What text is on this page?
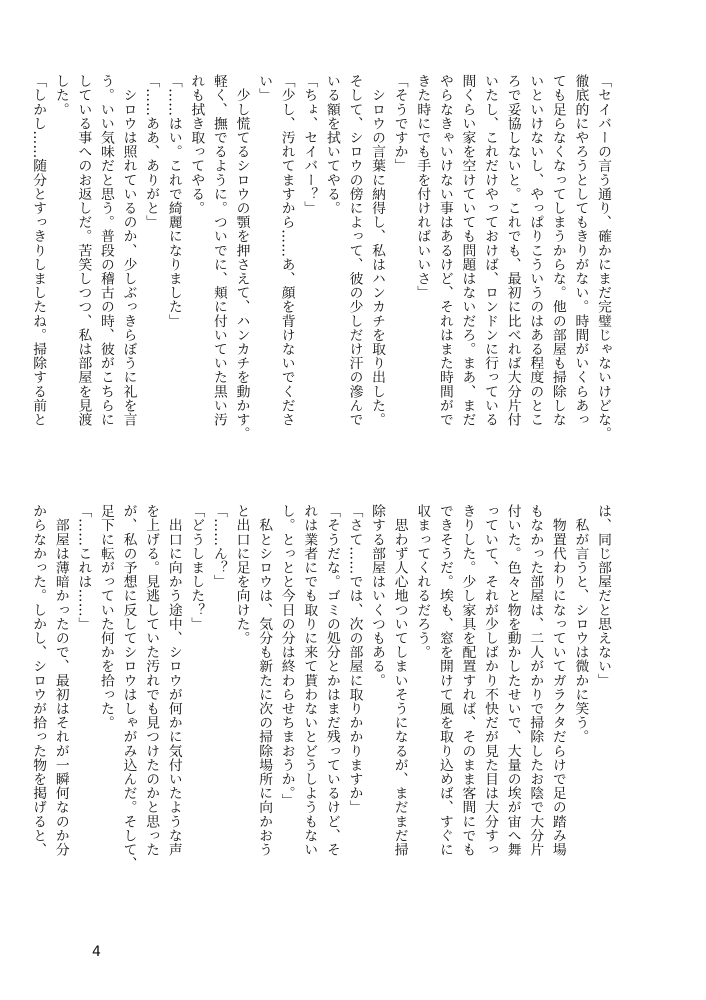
「セイバーの言う通り、確かにまだ完璧じゃないけどな。
徹底的にやろうとしてもきりがない。時間がいくらあっ
ても足らなくなってしまうからな。他の部屋も掃除しな
いといけないし、やっぱりこういうのはある程度のとこ
ろで妥協しないと。これでも、最初に比べれば大分片付
いたし、これだけやっておけば、ロンドンに行っている
間くらい家を空けていても問題はないだろ。まあ、まだ
やらなきゃいけない事はあるけど、それはまた時間がで
きた時にでも手を付ければいいさ」
「そうですか」
　シロウの言葉に納得し、私はハンカチを取り出した。
そして、シロウの傍によって、彼の少しだけ汗の滲んで
いる額を拭いてやる。
「ちょ、セイバー？」
「少し、汚れてますから……あ、顔を背けないでくださ
い」
　少し慌てるシロウの顎を押さえて、ハンカチを動かす。
軽く、撫でるように。ついでに、頬に付いていた黒い汚
れも拭き取ってやる。
「……はい。これで綺麗になりました」
「……ああ、ありがと」
　シロウは照れているのか、少しぶっきらぼうに礼を言
う。いい気味だと思う。普段の稽古の時、彼がこちらに
している事へのお返しだ。苦笑しつつ、私は部屋を見渡
した。
「しかし……随分とすっきりしましたね。掃除する前と
は、同じ部屋だと思えない」
　私が言うと、シロウは微かに笑う。
　物置代わりになっていてガラクタだらけで足の踏み場
もなかった部屋は、二人がかりで掃除したお陰で大分片
付いた。色々と物を動かしたせいで、大量の埃が宙へ舞
っていて、それが少しばかり不快だが見た目は大分すっ
きりした。少し家具を配置すれば、そのまま客間にでも
できそうだ。埃も、窓を開けて風を取り込めば、すぐに
収まってくれるだろう。
　思わず人心地ついてしまいそうになるが、まだまだ掃
除する部屋はいくつもある。
「さて……では、次の部屋に取りかかりますか」
「そうだな。ゴミの処分とかはまだ残っているけど、そ
れは業者にでも取りに来て貰わないとどうしようもない
し。とっとと今日の分は終わらせちまおうか。」
　私とシロウは、気分も新たに次の掃除場所に向かおう
と出口に足を向けた。
「……ん？」
「どうしました？」
　出口に向かう途中、シロウが何かに気付いたような声
を上げる。見逃していた汚れでも見つけたのかと思った
が、私の予想に反してシロウはしゃがみ込んだ。そして、
足下に転がっていた何かを拾った。
「……これは……」
　部屋は薄暗かったので、最初はそれが一瞬何なのか分
からなかった。しかし、シロウが拾った物を掲げると、
4
